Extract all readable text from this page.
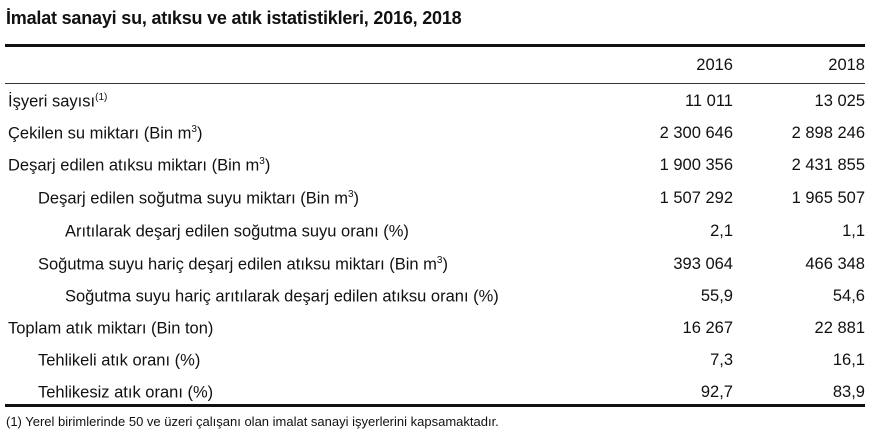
İmalat sanayi su, atıksu ve atık istatistikleri, 2016, 2018
2016	2018
İşyeri sayısı$^{(1)}$	11 011	13 025
Çekilen su miktarı (Bin $m^3$)	2 300 646	2 898 246
Deşarj edilen atıksu miktarı (Bin $m^3$)	1 900 356	2 431 855
Deşarj edilen soğutma suyu miktarı (Bin $m^3$)	1 507 292	1 965 507
Arıtılarak deşarj edilen soğutma suyu oranı (%)	2,1	1,1
Soğutma suyu hariç deşarj edilen atıksu miktarı (Bin $m^3$)	393 064	466 348
Soğutma suyu hariç arıtılarak deşarj edilen atıksu oranı (%)	55,9	54,6
Toplam atık miktarı (Bin ton)	16 267	22 881
Tehlikeli atık oranı (%)	7,3	16,1
Tehlikesiz atık oranı (%)	92,7	83,9
(1) Yerel birimlerinde 50 ve üzeri çalışanı olan imalat sanayi işyerlerini kapsamaktadır.
